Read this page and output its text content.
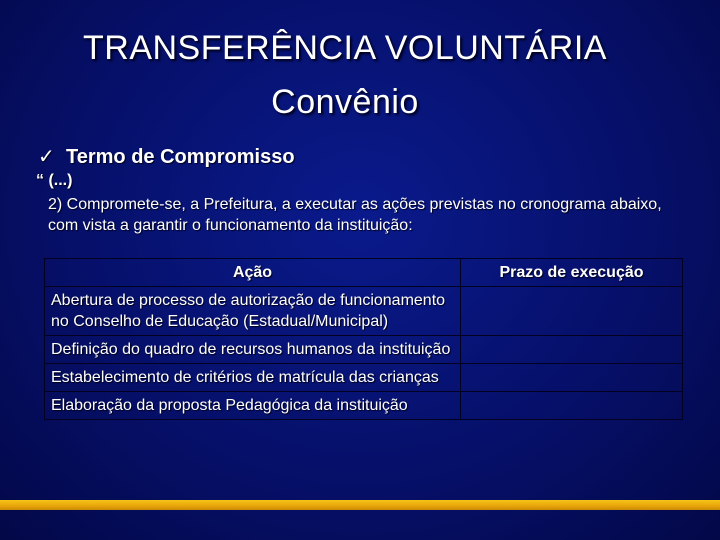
TRANSFERÊNCIA VOLUNTÁRIA
Convênio
✓ Termo de Compromisso
“ (...)
2) Compromete-se, a Prefeitura, a executar as ações previstas no cronograma abaixo, com vista a garantir o funcionamento da instituição:
Ação	Prazo de execução
Abertura de processo de autorização de funcionamento no Conselho de Educação (Estadual/Municipal)	
Definição do quadro de recursos humanos da instituição	
Estabelecimento de critérios de matrícula das crianças	
Elaboração da proposta Pedagógica da instituição	
